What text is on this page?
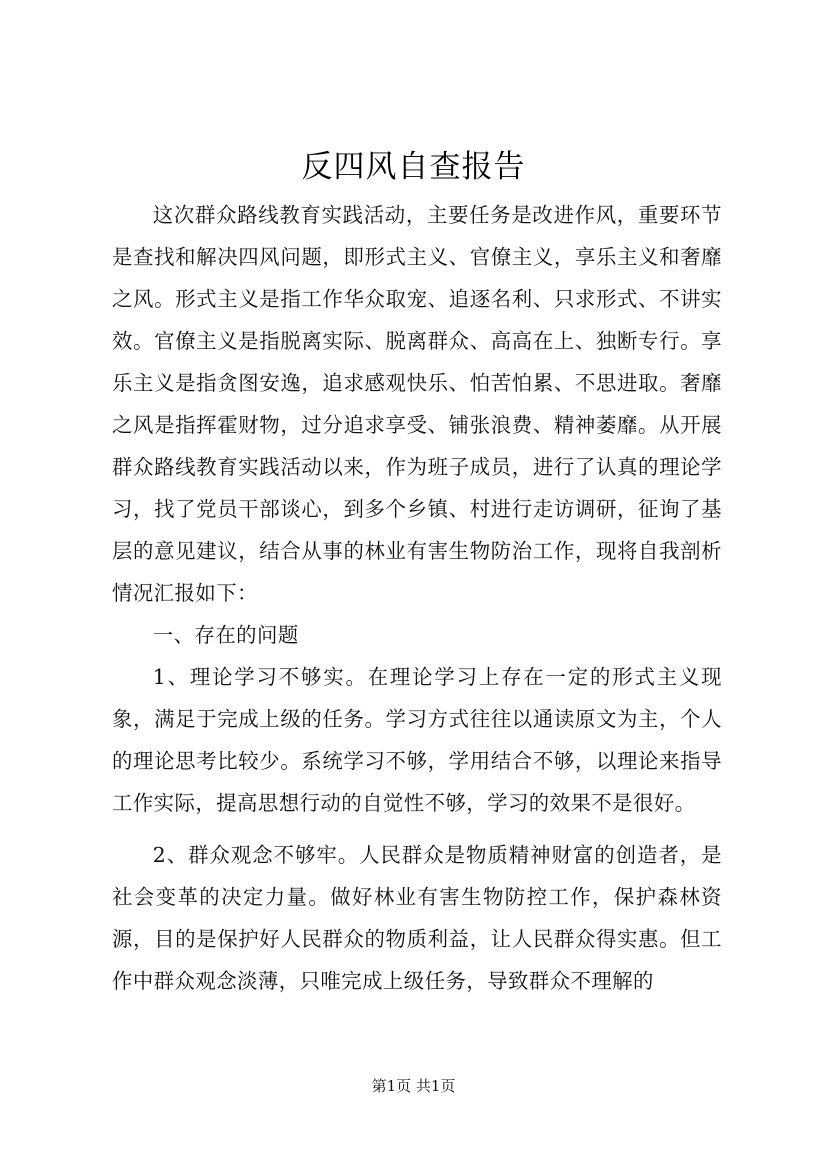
反四风自查报告

这次群众路线教育实践活动，主要任务是改进作风，重要环节是查找和解决四风问题，即形式主义、官僚主义，享乐主义和奢靡之风。形式主义是指工作华众取宠、追逐名利、只求形式、不讲实效。官僚主义是指脱离实际、脱离群众、高高在上、独断专行。享乐主义是指贪图安逸，追求感观快乐、怕苦怕累、不思进取。奢靡之风是指挥霍财物，过分追求享受、铺张浪费、精神萎靡。从开展群众路线教育实践活动以来，作为班子成员，进行了认真的理论学习，找了党员干部谈心，到多个乡镇、村进行走访调研，征询了基层的意见建议，结合从事的林业有害生物防治工作，现将自我剖析情况汇报如下：

一、存在的问题

1、理论学习不够实。在理论学习上存在一定的形式主义现象，满足于完成上级的任务。学习方式往往以通读原文为主，个人的理论思考比较少。系统学习不够，学用结合不够，以理论来指导工作实际，提高思想行动的自觉性不够，学习的效果不是很好。

2、群众观念不够牢。人民群众是物质精神财富的创造者，是社会变革的决定力量。做好林业有害生物防控工作，保护森林资源，目的是保护好人民群众的物质利益，让人民群众得实惠。但工作中群众观念淡薄，只唯完成上级任务，导致群众不理解的

第1页 共1页
